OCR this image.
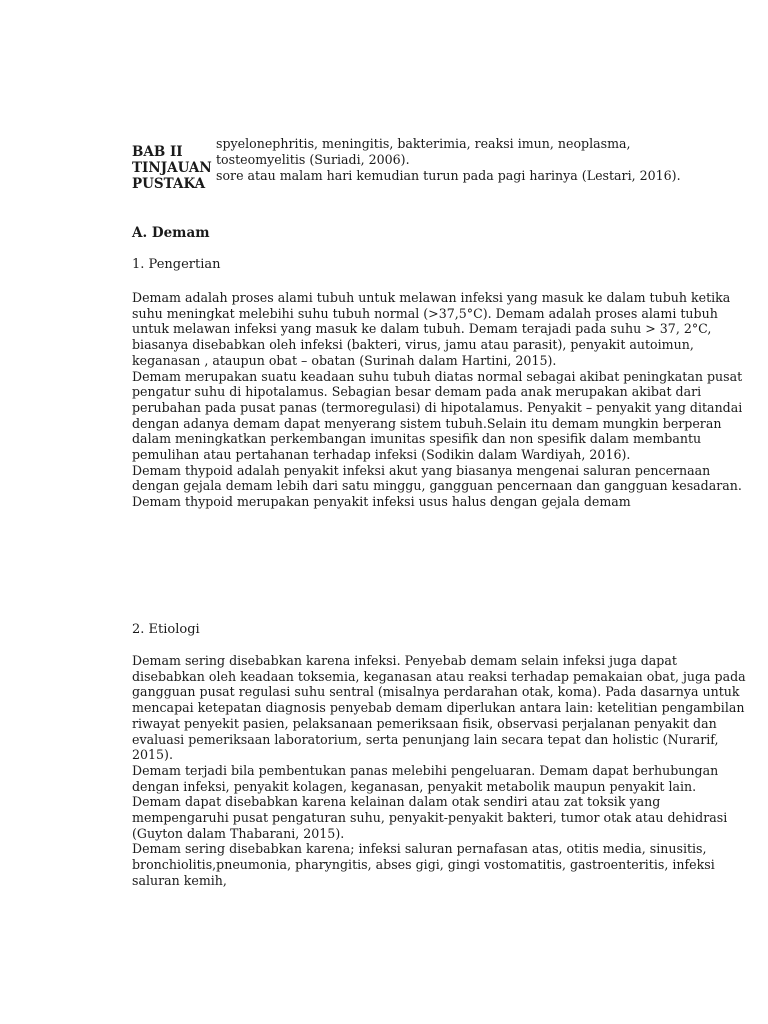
BAB II
TINJAUAN
PUSTAKA
spyelonephritis, meningitis, bakterimia, reaksi imun, neoplasma,
tosteomyelitis (Suriadi, 2006).
sore atau malam hari kemudian turun pada pagi harinya (Lestari, 2016).
A. Demam
1. Pengertian
Demam adalah proses alami tubuh untuk melawan infeksi yang masuk ke dalam tubuh ketika
suhu meningkat melebihi suhu tubuh normal (>37,5°C). Demam adalah proses alami tubuh
untuk melawan infeksi yang masuk ke dalam tubuh. Demam terajadi pada suhu > 37, 2°C,
biasanya disebabkan oleh infeksi (bakteri, virus, jamu atau parasit), penyakit autoimun,
keganasan , ataupun obat – obatan (Surinah dalam Hartini, 2015).
Demam merupakan suatu keadaan suhu tubuh diatas normal sebagai akibat peningkatan pusat
pengatur suhu di hipotalamus. Sebagian besar demam pada anak merupakan akibat dari
perubahan pada pusat panas (termoregulasi) di hipotalamus. Penyakit – penyakit yang ditandai
dengan adanya demam dapat menyerang sistem tubuh.Selain itu demam mungkin berperan
dalam meningkatkan perkembangan imunitas spesifik dan non spesifik dalam membantu
pemulihan atau pertahanan terhadap infeksi (Sodikin dalam Wardiyah, 2016).
Demam thypoid adalah penyakit infeksi akut yang biasanya mengenai saluran pencernaan
dengan gejala demam lebih dari satu minggu, gangguan pencernaan dan gangguan kesadaran.
Demam thypoid merupakan penyakit infeksi usus halus dengan gejala demam
2. Etiologi
Demam sering disebabkan karena infeksi. Penyebab demam selain infeksi juga dapat
disebabkan oleh keadaan toksemia, keganasan atau reaksi terhadap pemakaian obat, juga pada
gangguan pusat regulasi suhu sentral (misalnya perdarahan otak, koma). Pada dasarnya untuk
mencapai ketepatan diagnosis penyebab demam diperlukan antara lain: ketelitian pengambilan
riwayat penyekit pasien, pelaksanaan pemeriksaan fisik, observasi perjalanan penyakit dan
evaluasi pemeriksaan laboratorium, serta penunjang lain secara tepat dan holistic (Nurarif,
2015).
Demam terjadi bila pembentukan panas melebihi pengeluaran. Demam dapat berhubungan
dengan infeksi, penyakit kolagen, keganasan, penyakit metabolik maupun penyakit lain.
Demam dapat disebabkan karena kelainan dalam otak sendiri atau zat toksik yang
mempengaruhi pusat pengaturan suhu, penyakit-penyakit bakteri, tumor otak atau dehidrasi
(Guyton dalam Thabarani, 2015).
Demam sering disebabkan karena; infeksi saluran pernafasan atas, otitis media, sinusitis,
bronchiolitis,pneumonia, pharyngitis, abses gigi, gingi vostomatitis, gastroenteritis, infeksi
saluran kemih,
